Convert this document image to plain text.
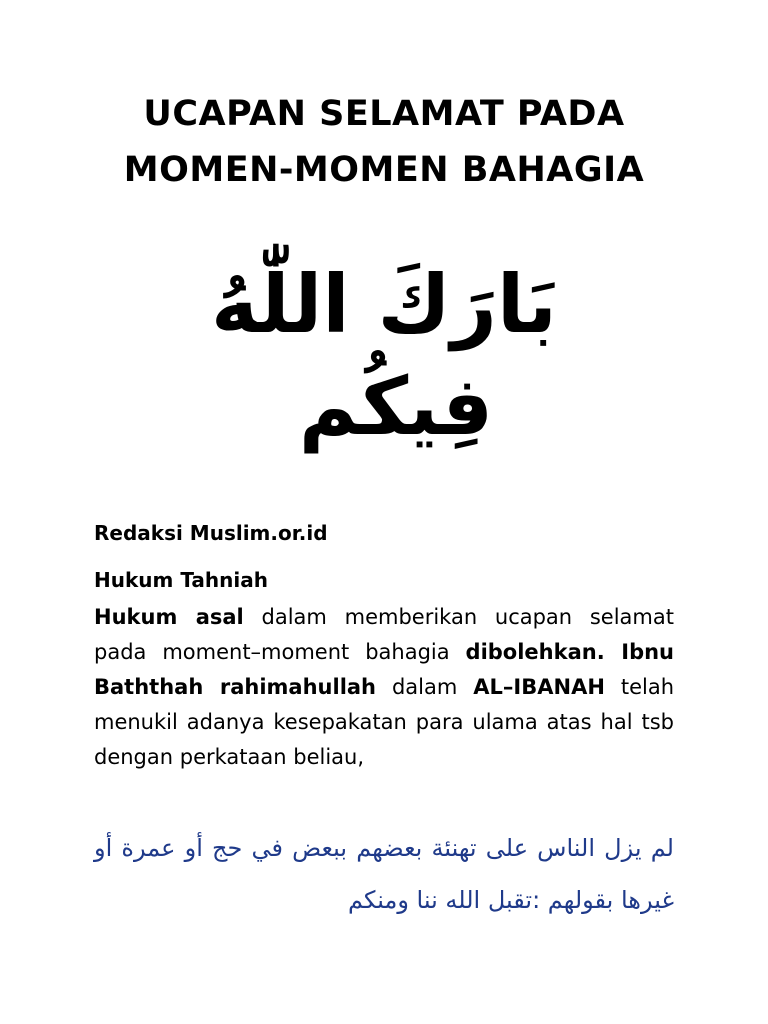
UCAPAN SELAMAT PADA
MOMEN-MOMEN BAHAGIA
بَارَكَ اللّٰهُ
فِيكُم
Redaksi Muslim.or.id
Hukum Tahniah
Hukum asal dalam memberikan ucapan selamat pada moment–moment bahagia dibolehkan. Ibnu Baththah rahimahullah dalam AL–IBANAH telah menukil adanya kesepakatan para ulama atas hal tsb dengan perkataan beliau,
لم يزل الناس على تهنئة بعضهم ببعض في حج أو عمرة أو غيرها بقولهم :تقبل الله ننا ومنكم
